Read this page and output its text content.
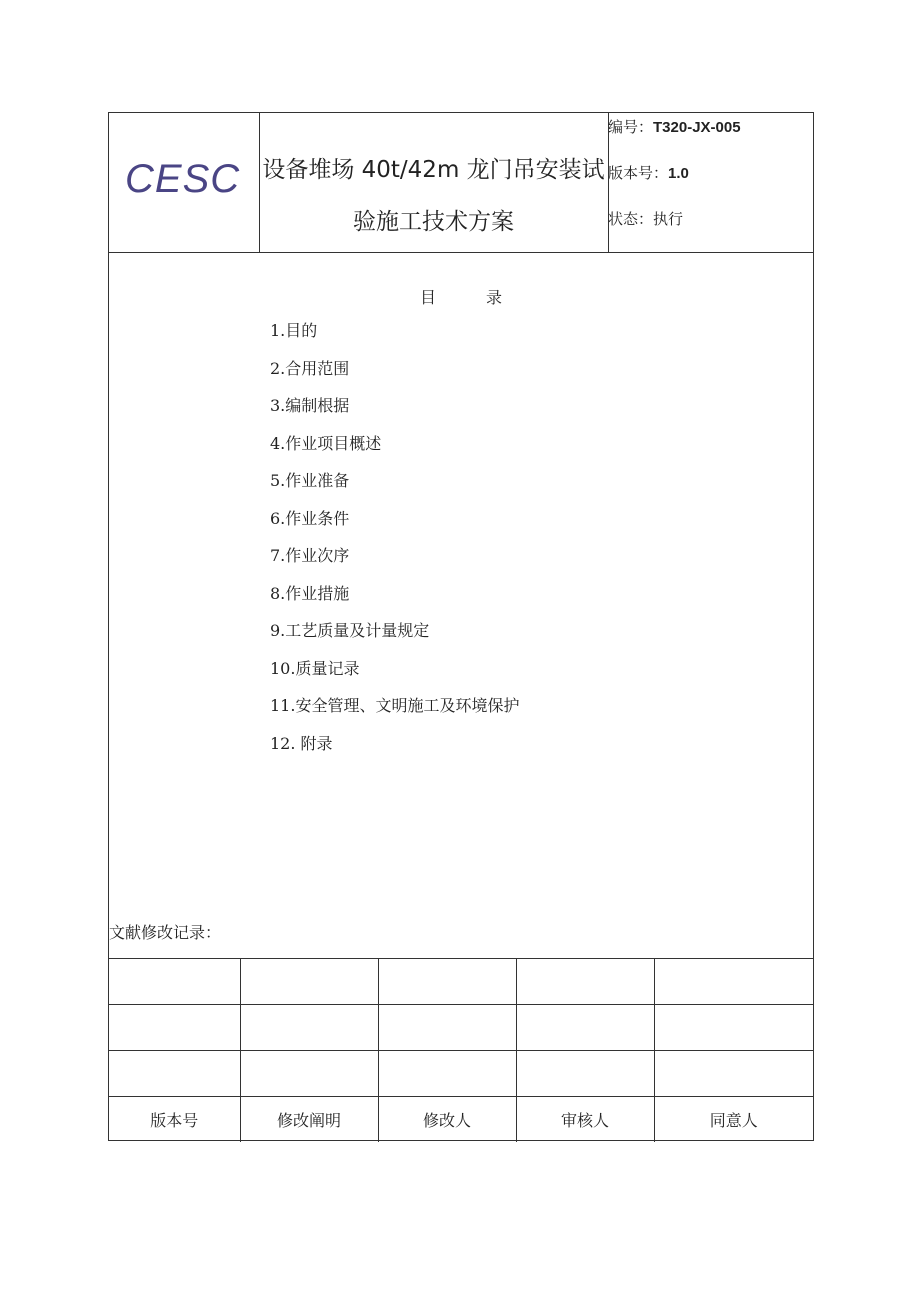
CESC 设备堆场 40t/42m 龙门吊安装试
验施工技术方案
编号：T320-JX-005
版本号：1.0
状态：执行
目	录
1.目的
2.合用范围
3.编制根据
4.作业项目概述
5.作业准备
6.作业条件
7.作业次序
8.作业措施
9.工艺质量及计量规定
10.质量记录
11.安全管理、文明施工及环境保护
12. 附录
文献修改记录：

版本号	修改阐明	修改人	审核人	同意人
